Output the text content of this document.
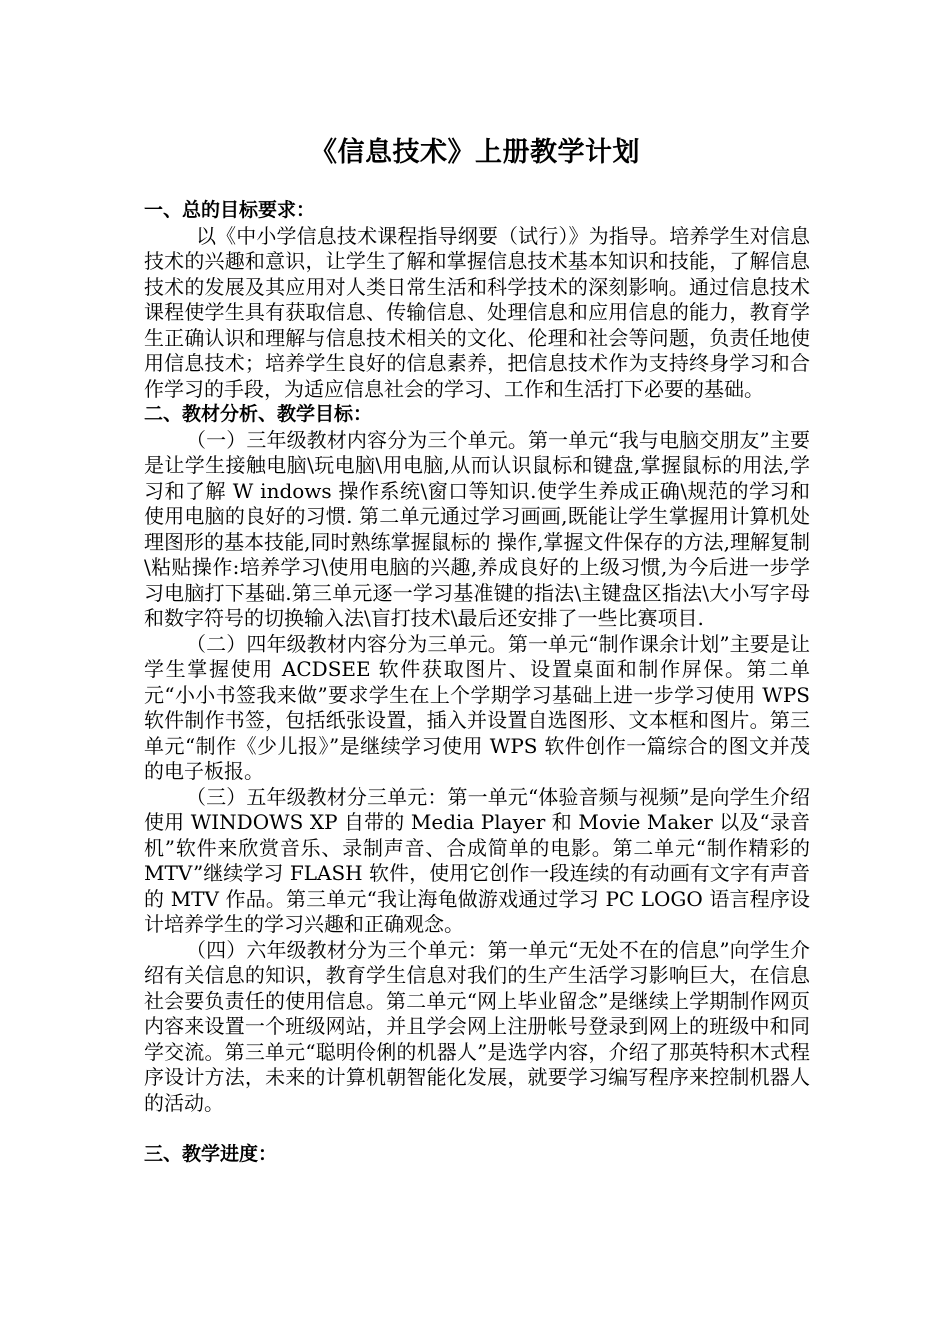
《信息技术》上册教学计划

一、总的目标要求：

以《中小学信息技术课程指导纲要（试行）》为指导。培养学生对信息技术的兴趣和意识，让学生了解和掌握信息技术基本知识和技能，了解信息技术的发展及其应用对人类日常生活和科学技术的深刻影响。通过信息技术课程使学生具有获取信息、传输信息、处理信息和应用信息的能力，教育学生正确认识和理解与信息技术相关的文化、伦理和社会等问题，负责任地使用信息技术；培养学生良好的信息素养，把信息技术作为支持终身学习和合作学习的手段，为适应信息社会的学习、工作和生活打下必要的基础。

二、教材分析、教学目标：

（一）三年级教材内容分为三个单元。第一单元“我与电脑交朋友”主要是让学生接触电脑\玩电脑\用电脑,从而认识鼠标和键盘,掌握鼠标的用法,学习和了解 W indows 操作系统\窗口等知识.使学生养成正确\规范的学习和使用电脑的良好的习惯. 第二单元通过学习画画,既能让学生掌握用计算机处理图形的基本技能,同时熟练掌握鼠标的 操作,掌握文件保存的方法,理解复制\粘贴操作:培养学习\使用电脑的兴趣,养成良好的上级习惯,为今后进一步学习电脑打下基础.第三单元逐一学习基准键的指法\主键盘区指法\大小写字母和数字符号的切换输入法\盲打技术\最后还安排了一些比赛项目.

（二）四年级教材内容分为三单元。第一单元“制作课余计划”主要是让学生掌握使用 ACDSEE 软件获取图片、设置桌面和制作屏保。第二单元“小小书签我来做”要求学生在上个学期学习基础上进一步学习使用 WPS 软件制作书签，包括纸张设置，插入并设置自选图形、文本框和图片。第三单元“制作《少儿报》”是继续学习使用 WPS 软件创作一篇综合的图文并茂的电子板报。

（三）五年级教材分三单元：第一单元“体验音频与视频”是向学生介绍使用 WINDOWS XP 自带的 Media Player 和 Movie Maker 以及“录音机”软件来欣赏音乐、录制声音、合成简单的电影。第二单元“制作精彩的 MTV”继续学习 FLASH 软件，使用它创作一段连续的有动画有文字有声音的 MTV 作品。第三单元“我让海龟做游戏通过学习 PC LOGO 语言程序设计培养学生的学习兴趣和正确观念。

（四）六年级教材分为三个单元：第一单元“无处不在的信息”向学生介绍有关信息的知识，教育学生信息对我们的生产生活学习影响巨大，在信息社会要负责任的使用信息。第二单元“网上毕业留念”是继续上学期制作网页内容来设置一个班级网站，并且学会网上注册帐号登录到网上的班级中和同学交流。第三单元“聪明伶俐的机器人”是选学内容，介绍了那英特积木式程序设计方法，未来的计算机朝智能化发展，就要学习编写程序来控制机器人的活动。

三、教学进度：
